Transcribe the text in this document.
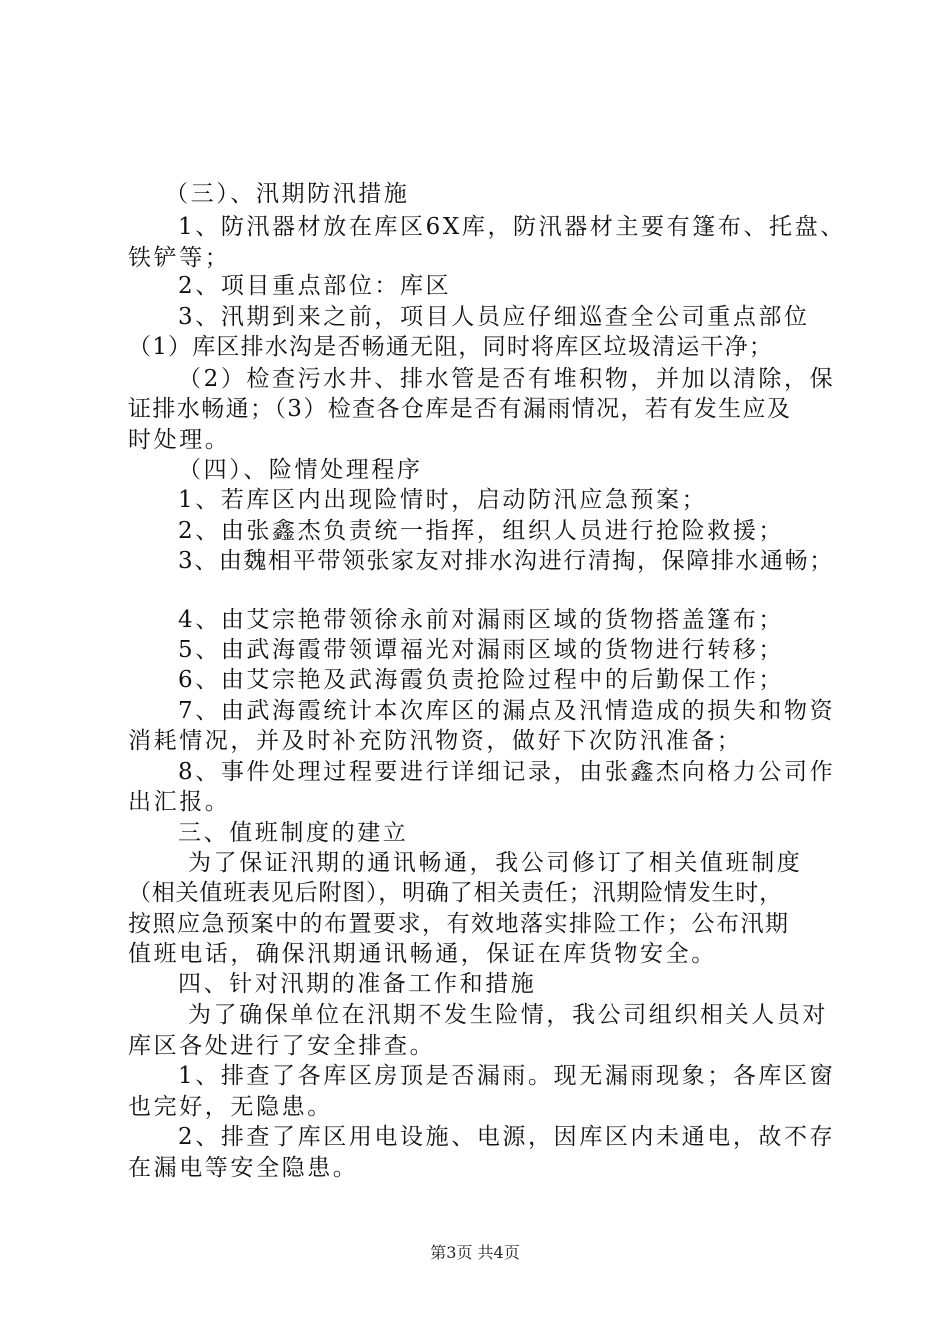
（三）、汛期防汛措施
1、防汛器材放在库区6X库，防汛器材主要有篷布、托盘、
铁铲等；
2、项目重点部位：库区
3、汛期到来之前，项目人员应仔细巡查全公司重点部位
（1）库区排水沟是否畅通无阻，同时将库区垃圾清运干净；
（2）检查污水井、排水管是否有堆积物，并加以清除，保
证排水畅通；（3）检查各仓库是否有漏雨情况，若有发生应及
时处理。
（四）、险情处理程序
1、若库区内出现险情时，启动防汛应急预案；
2、由张鑫杰负责统一指挥，组织人员进行抢险救援；
3、由魏相平带领张家友对排水沟进行清掏，保障排水通畅；
4、由艾宗艳带领徐永前对漏雨区域的货物搭盖篷布；
5、由武海霞带领谭福光对漏雨区域的货物进行转移；
6、由艾宗艳及武海霞负责抢险过程中的后勤保工作；
7、由武海霞统计本次库区的漏点及汛情造成的损失和物资
消耗情况，并及时补充防汛物资，做好下次防汛准备；
8、事件处理过程要进行详细记录，由张鑫杰向格力公司作
出汇报。
三、值班制度的建立
为了保证汛期的通讯畅通，我公司修订了相关值班制度
（相关值班表见后附图），明确了相关责任；汛期险情发生时，
按照应急预案中的布置要求，有效地落实排险工作；公布汛期
值班电话，确保汛期通讯畅通，保证在库货物安全。
四、针对汛期的准备工作和措施
为了确保单位在汛期不发生险情，我公司组织相关人员对
库区各处进行了安全排查。
1、排查了各库区房顶是否漏雨。现无漏雨现象；各库区窗
也完好，无隐患。
2、排查了库区用电设施、电源，因库区内未通电，故不存
在漏电等安全隐患。
第3页 共4页
